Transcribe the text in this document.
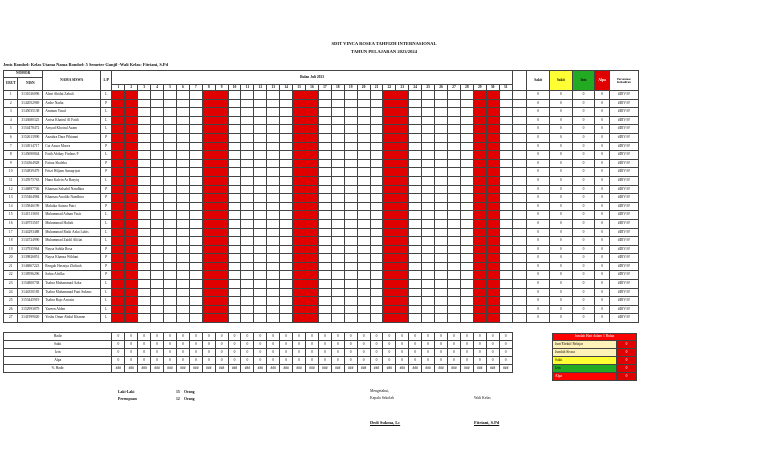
SDIT VINCA ROSEA TAHFIZH INTERNASIONAL
TAHUN PELAJARAN 2023/2024
Jenis Rombel: Kelas Utama Nama Rombel: 5 Semeter Ganjil -Wali Kelas: Fitriani, S.Pd
NOMOR		NAMA SISWA	L/P	Bulan Juli 2023																																Sakit	Sakit	Izin	Alpa	Persentase Kehadiran
URUT	NISN																																							
				1	2	3	4	5	6	7	8	9	10	11	12	13	14	15	16	17	18	19	20	21	22	23	24	25	26	27	28	29	30	31						
1	3131026096	Aleat Abidat Zabali	L																																	0	0	0	0	#DIV/0!
2	3142052969	Arshe Nadia	P																																	0	0	0	0	#DIV/0!
3	3145035138	Aminan Yusuf	L																																	0	0	0	0	#DIV/0!
4	3143680325	Arrisa Khairul Al Fatih	L																																	0	0	0	0	#DIV/0!
5	3154478472	Arsyad Khoirul Azam	L																																	0	0	0	0	#DIV/0!
6	3152613990	Azzahra Dara Pfhianni	P																																	0	0	0	0	#DIV/0!
7	3134914717	Cut Azura Marva	P																																	0	0	0	0	#DIV/0!
8	3145690844	Fatih Abibay Firdaus P	L																																	0	0	0	0	#DIV/0!
9	3154364928	Fairuz Shaleha	P																																	0	0	0	0	#DIV/0!
10	3154839479	Fritzi Hiljam Amaqriyat	P																																	0	0	0	0	#DIV/0!
11	3145975763	Hana Kalvin Ar Rasyiq	L																																	0	0	0	0	#DIV/0!
12	3146897746	Khansaa Salsabil Nandhira	P																																	0	0	0	0	#DIV/0!
13	3155464984	Khansaa Awaliki Nandhira	P																																	0	0	0	0	#DIV/0!
14	3135846199	Malaika Aaisna Putri	P																																	0	0	0	0	#DIV/0!
15	3141513691	Muhammad Adnan Yasir	L																																	0	0	0	0	#DIV/0!
16	3149753567	Muhammad Hafizh	L																																	0	0	0	0	#DIV/0!
17	3144293488	Muhammad Rizki Azka Lubis	L																																	0	0	0	0	#DIV/0!
18	3134724990	Muhammad Zaidil Alifiat	L																																	0	0	0	0	#DIV/0!
19	3137935964	Naysa Sahila Rosa	P																																	0	0	0	0	#DIV/0!
20	3139826851	Naysa Khanza Wildani	P																																	0	0	0	0	#DIV/0!
21	3146867223	Rengah Hasniya Zhifirah	P																																	0	0	0	0	#DIV/0!
22	3138596296	Safna Afrilka	P																																	0	0	0	0	#DIV/0!
23	3154800738	Tsabra Muhammad Azka	L																																	0	0	0	0	#DIV/0!
24	3144350185	Tsabra Muhammad Fani Sukmo	L																																	0	0	0	0	#DIV/0!
25	3153445919	Tsabra Bajo Arrosin	L																																	0	0	0	0	#DIV/0!
26	3152993879	Yazeen Alden	L																																	0	0	0	0	#DIV/0!
27	3141999020	Yoshu Omar Abdul Khanne	L																																	0	0	0	0	#DIV/0!

Hadir				0	0	0	0	0	0	0	0	0	0	0	0	0	0	0	0	0	0	0	0	0	0	0	0	0	0	0	0	0	0	0						
Sakit				0	0	0	0	0	0	0	0	0	0	0	0	0	0	0	0	0	0	0	0	0	0	0	0	0	0	0	0	0	0	0						
Izin				0	0	0	0	0	0	0	0	0	0	0	0	0	0	0	0	0	0	0	0	0	0	0	0	0	0	0	0	0	0	0						
Alpa				0	0	0	0	0	0	0	0	0	0	0	0	0	0	0	0	0	0	0	0	0	0	0	0	0	0	0	0	0	0	0						
% Hadir				###	###	###	###	###	###	###	###	###	###	###	###	###	###	###	###	###	###	###	###	###	###	###	###	###	###	###	###	###	###	###						
Jumlah Hari dalam 1 Bulan	
Jum'Efektif Belajar	0
Jumlah Siswa	0
Sakit	0
Izin	0
Alpa	0
Laki-Laki	15 Orang
Perempuan	12 Orang
Mengetahui,
Kepala Sekolah	Wali Kelas
Dedi Sukma, Lc	Fitriani, S.Pd
